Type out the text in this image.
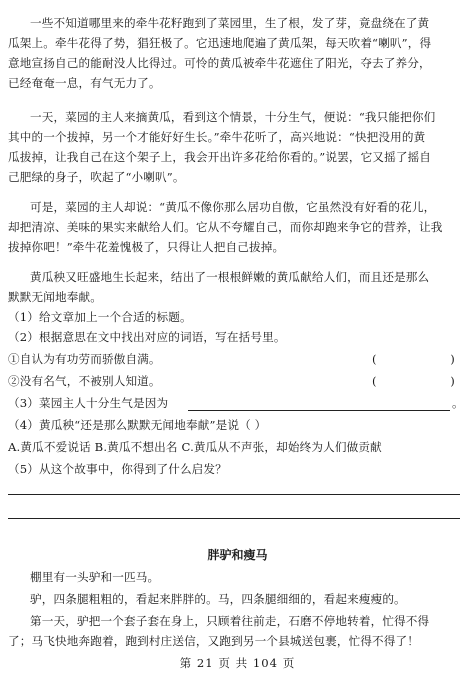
一些不知道哪里来的牵牛花籽跑到了菜园里，生了根，发了芽，竟盘绕在了黄
瓜架上。牵牛花得了势，猖狂极了。它迅速地爬遍了黄瓜架，每天吹着“喇叭”，得
意地宣扬自己的能耐没人比得过。可怜的黄瓜被牵牛花遮住了阳光，夺去了养分，
已经奄奄一息，有气无力了。
一天，菜园的主人来摘黄瓜，看到这个情景，十分生气，便说：“我只能把你们
其中的一个拔掉，另一个才能好好生长。”牵牛花听了，高兴地说：“快把没用的黄
瓜拔掉，让我自己在这个架子上，我会开出许多花给你看的。”说罢，它又摇了摇自
己肥绿的身子，吹起了“小喇叭”。
可是，菜园的主人却说：“黄瓜不像你那么居功自傲，它虽然没有好看的花儿，
却把清凉、美味的果实来献给人们。它从不夸耀自己，而你却跑来争它的营养，让我
拔掉你吧！”牵牛花羞愧极了，只得让人把自己拔掉。
黄瓜秧又旺盛地生长起来，结出了一根根鲜嫩的黄瓜献给人们，而且还是那么
默默无闻地奉献。
（1）给文章加上一个合适的标题。
（2）根据意思在文中找出对应的词语，写在括号里。
①自认为有功劳而骄傲自满。	(                    )
②没有名气，不被别人知道。	(                    )
（3）菜园主人十分生气是因为	。
（4）黄瓜秧“还是那么默默无闻地奉献”是说（ ）
A.黄瓜不爱说话 B.黄瓜不想出名 C.黄瓜从不声张，却始终为人们做贡献
（5）从这个故事中，你得到了什么启发？
胖驴和瘦马
棚里有一头驴和一匹马。
驴，四条腿粗粗的，看起来胖胖的。马，四条腿细细的，看起来瘦瘦的。
第一天，驴把一个套子套在身上，只顾着往前走，石磨不停地转着，忙得不得
了；马飞快地奔跑着，跑到村庄送信，又跑到另一个县城送包裹，忙得不得了！
第 21 页 共 104 页
